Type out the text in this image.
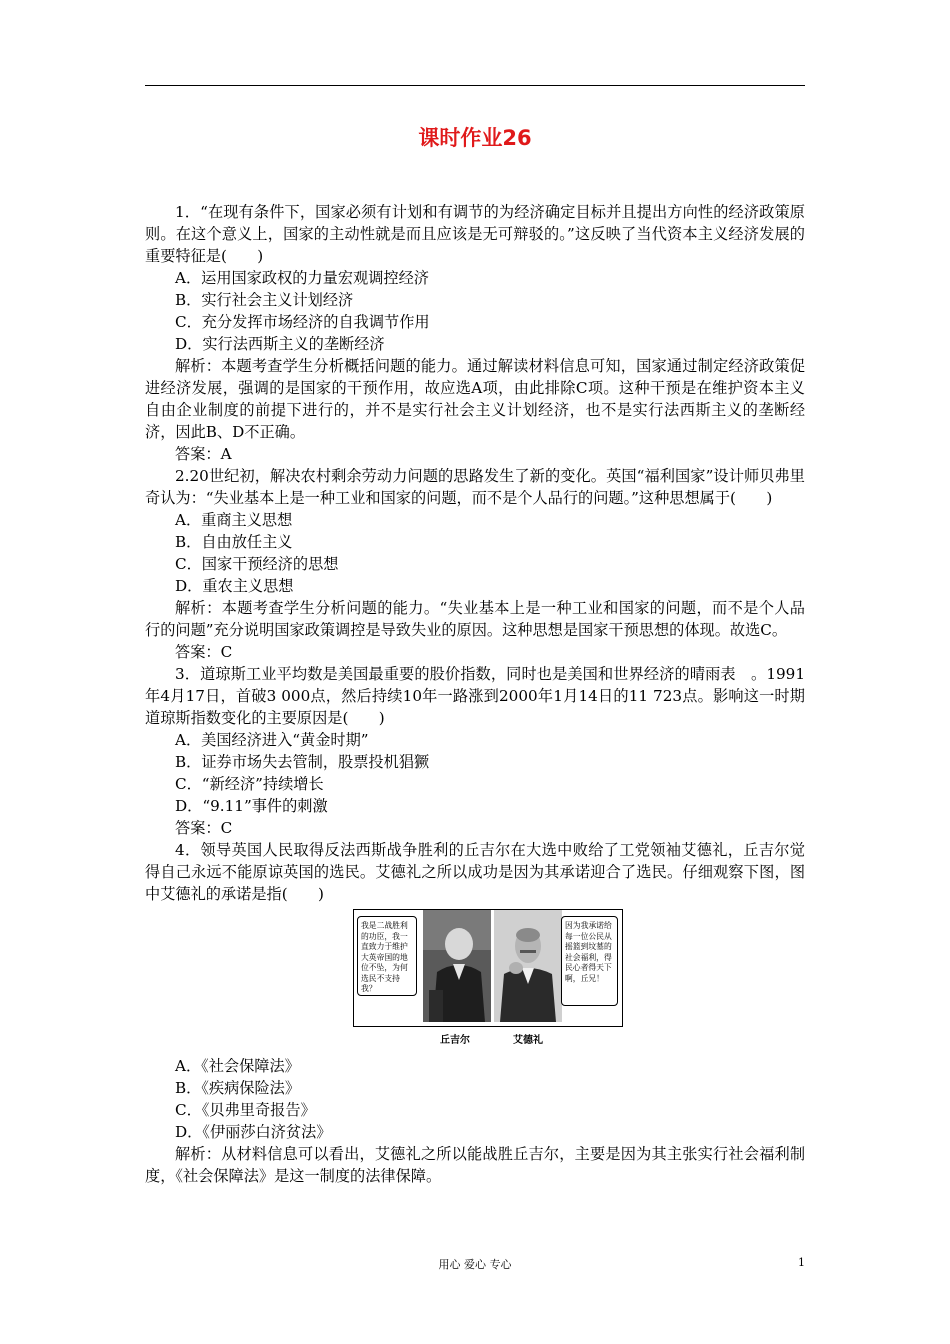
课时作业26

1．“在现有条件下，国家必须有计划和有调节的为经济确定目标并且提出方向性的经济政策原则。在这个意义上，国家的主动性就是而且应该是无可辩驳的。”这反映了当代资本主义经济发展的重要特征是(　　)

A．运用国家政权的力量宏观调控经济

B．实行社会主义计划经济

C．充分发挥市场经济的自我调节作用

D．实行法西斯主义的垄断经济

解析：本题考查学生分析概括问题的能力。通过解读材料信息可知，国家通过制定经济政策促进经济发展，强调的是国家的干预作用，故应选A项，由此排除C项。这种干预是在维护资本主义自由企业制度的前提下进行的，并不是实行社会主义计划经济，也不是实行法西斯主义的垄断经济，因此B、D不正确。

答案：A

2.20世纪初，解决农村剩余劳动力问题的思路发生了新的变化。英国“福利国家”设计师贝弗里奇认为：“失业基本上是一种工业和国家的问题，而不是个人品行的问题。”这种思想属于(　　)

A．重商主义思想

B．自由放任主义

C．国家干预经济的思想

D．重农主义思想

解析：本题考查学生分析问题的能力。“失业基本上是一种工业和国家的问题，而不是个人品行的问题”充分说明国家政策调控是导致失业的原因。这种思想是国家干预思想的体现。故选C。

答案：C

3．道琼斯工业平均数是美国最重要的股价指数，同时也是美国和世界经济的晴雨表　。1991年4月17日，首破3 000点，然后持续10年一路涨到2000年1月14日的11 723点。影响这一时期道琼斯指数变化的主要原因是(　　)

A．美国经济进入“黄金时期”

B．证券市场失去管制，股票投机猖獗

C．“新经济”持续增长

D．“9.11”事件的刺激

答案：C

4．领导英国人民取得反法西斯战争胜利的丘吉尔在大选中败给了工党领袖艾德礼，丘吉尔觉得自己永远不能原谅英国的选民。艾德礼之所以成功是因为其承诺迎合了选民。仔细观察下图，图中艾德礼的承诺是指(　　)

我是二战胜利的功臣，我一直致力于维护大英帝国的地位不坠，为何选民不支持我？
因为我承诺给每一位公民从摇篮到坟墓的社会福利，得民心者得天下啊，丘兄！
丘吉尔	艾德礼

A．《社会保障法》

B．《疾病保险法》

C．《贝弗里奇报告》

D．《伊丽莎白济贫法》

解析：从材料信息可以看出，艾德礼之所以能战胜丘吉尔，主要是因为其主张实行社会福利制度，《社会保障法》是这一制度的法律保障。

用心 爱心 专心	1
